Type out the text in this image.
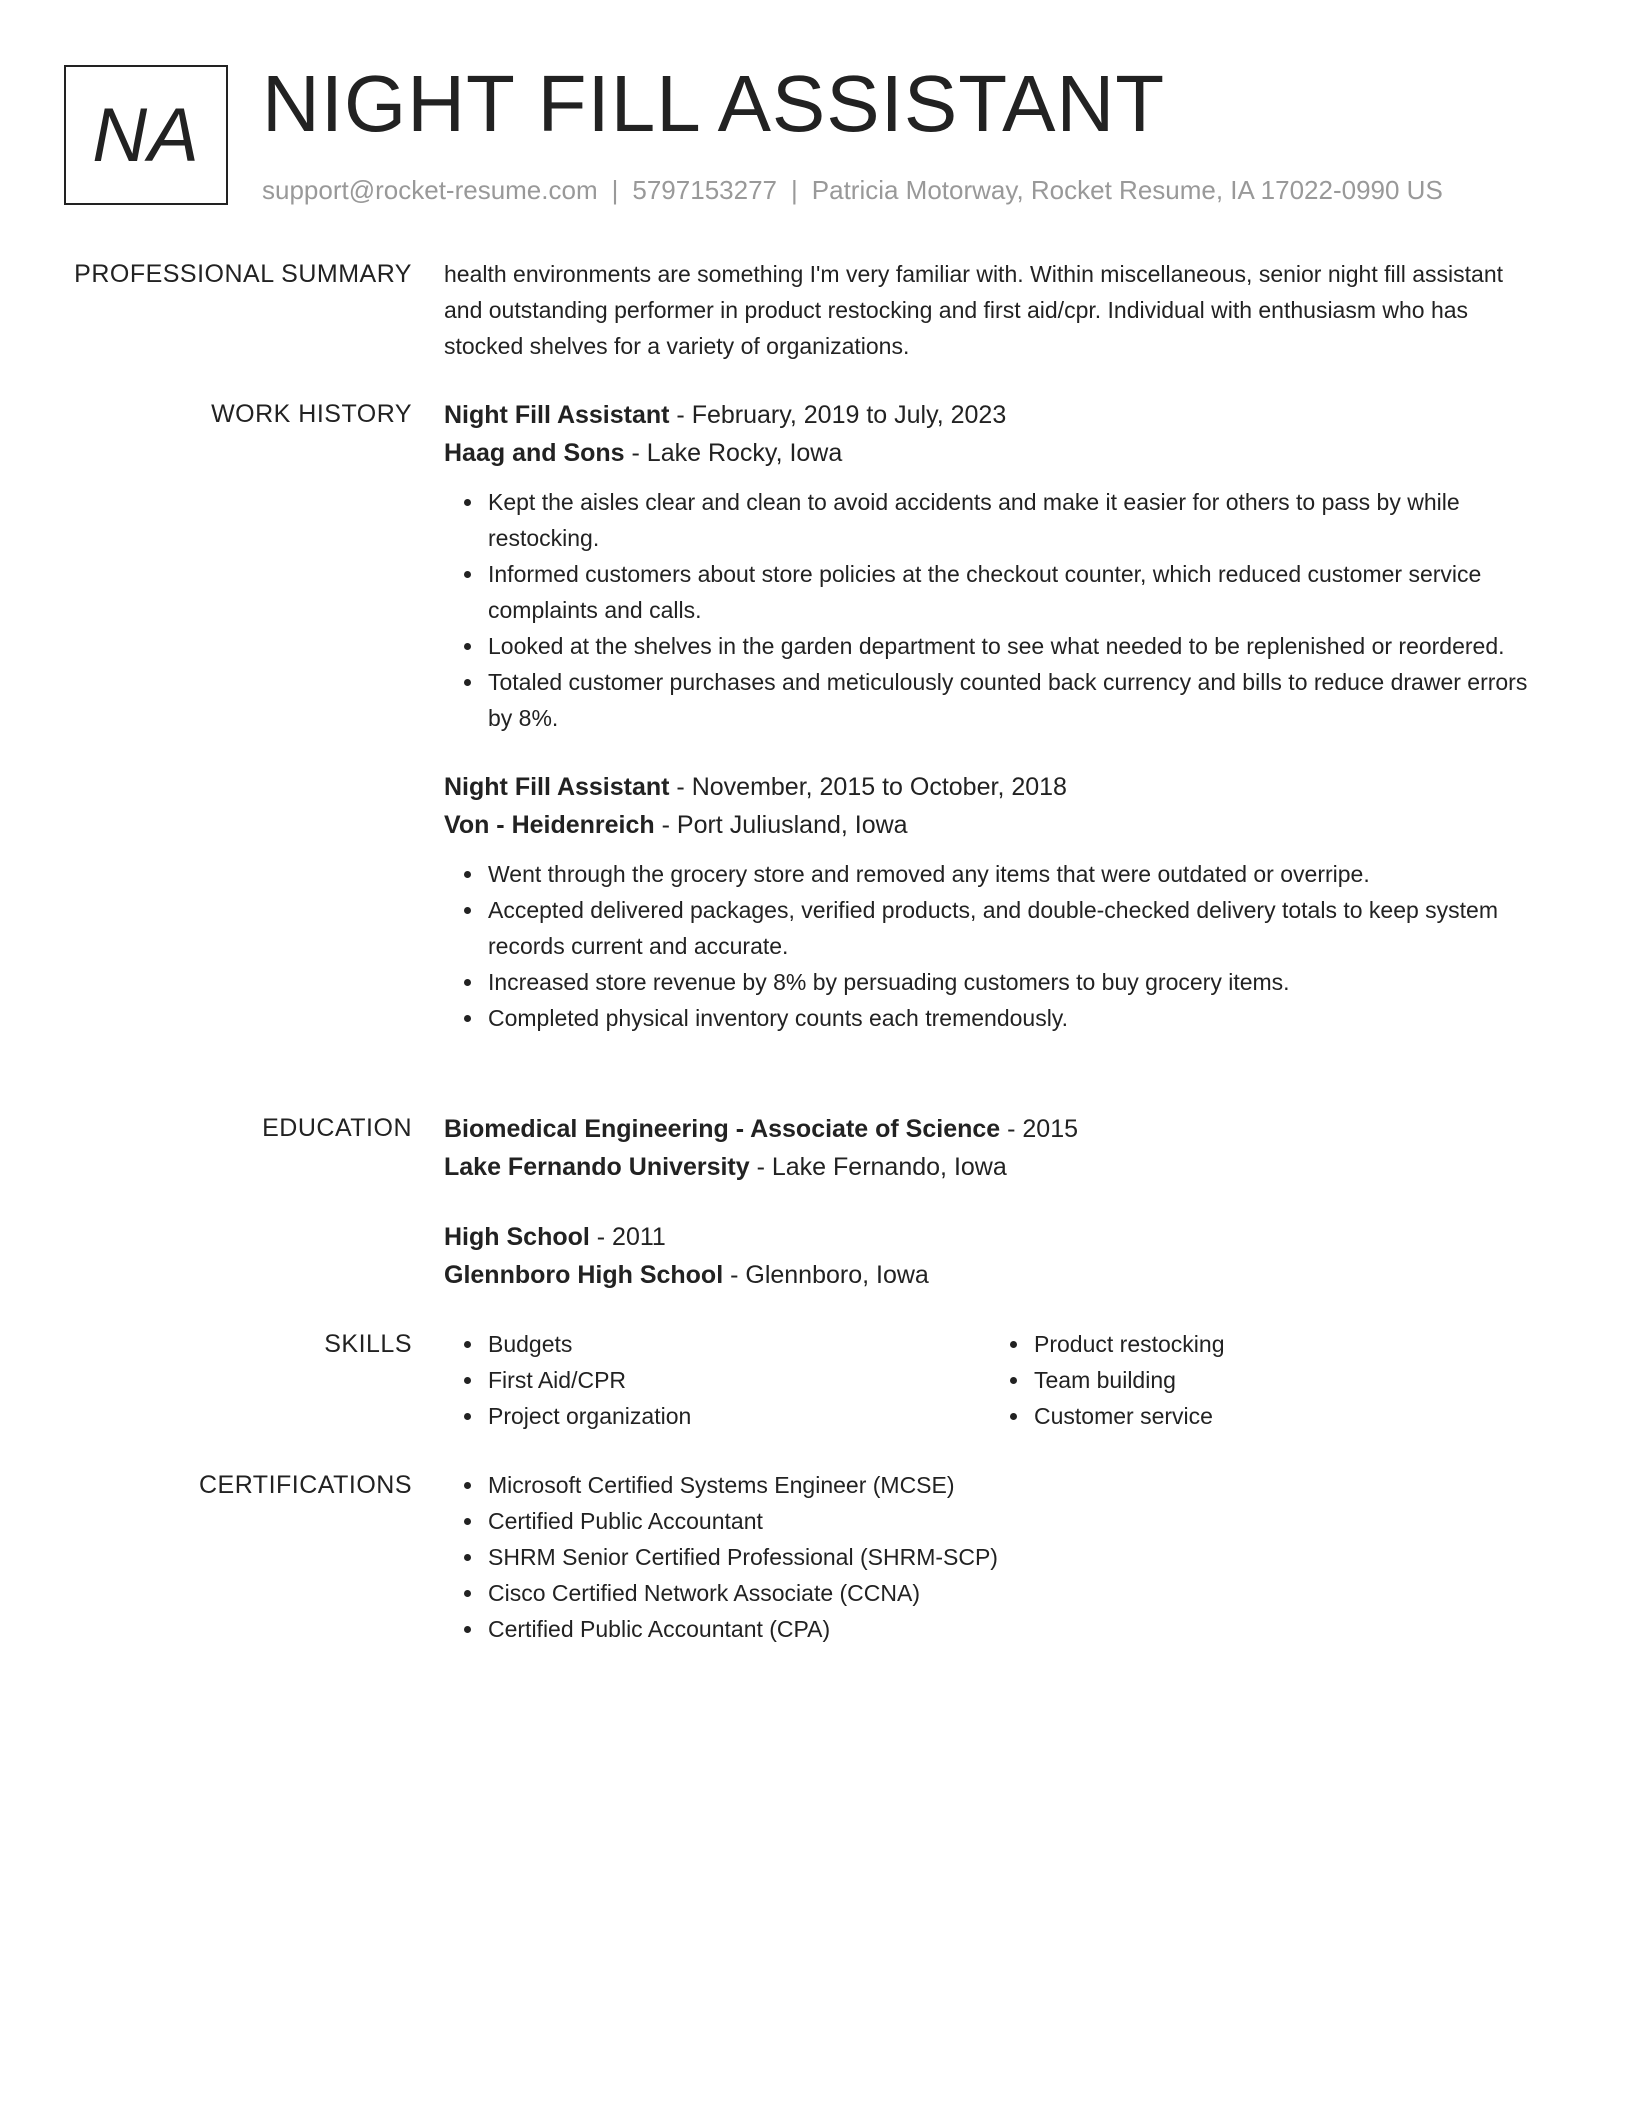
NA NIGHT FILL ASSISTANT
support@rocket-resume.com | 5797153277 | Patricia Motorway, Rocket Resume, IA 17022-0990 US
PROFESSIONAL SUMMARY health environments are something I'm very familiar with. Within miscellaneous, senior night fill assistant and outstanding performer in product restocking and first aid/cpr. Individual with enthusiasm who has stocked shelves for a variety of organizations.

WORK HISTORY Night Fill Assistant - February, 2019 to July, 2023
Haag and Sons - Lake Rocky, Iowa
Kept the aisles clear and clean to avoid accidents and make it easier for others to pass by while restocking.
Informed customers about store policies at the checkout counter, which reduced customer service complaints and calls.
Looked at the shelves in the garden department to see what needed to be replenished or reordered.
Totaled customer purchases and meticulously counted back currency and bills to reduce drawer errors by 8%.
Night Fill Assistant - November, 2015 to October, 2018
Von - Heidenreich - Port Juliusland, Iowa
Went through the grocery store and removed any items that were outdated or overripe.
Accepted delivered packages, verified products, and double-checked delivery totals to keep system records current and accurate.
Increased store revenue by 8% by persuading customers to buy grocery items.
Completed physical inventory counts each tremendously.
EDUCATION Biomedical Engineering - Associate of Science - 2015
Lake Fernando University - Lake Fernando, Iowa
High School - 2011
Glennboro High School - Glennboro, Iowa
SKILLS	Budgets
First Aid/CPR
Project organization
Product restocking
Team building
Customer service
CERTIFICATIONS	Microsoft Certified Systems Engineer (MCSE)
Certified Public Accountant
SHRM Senior Certified Professional (SHRM-SCP)
Cisco Certified Network Associate (CCNA)
Certified Public Accountant (CPA)
